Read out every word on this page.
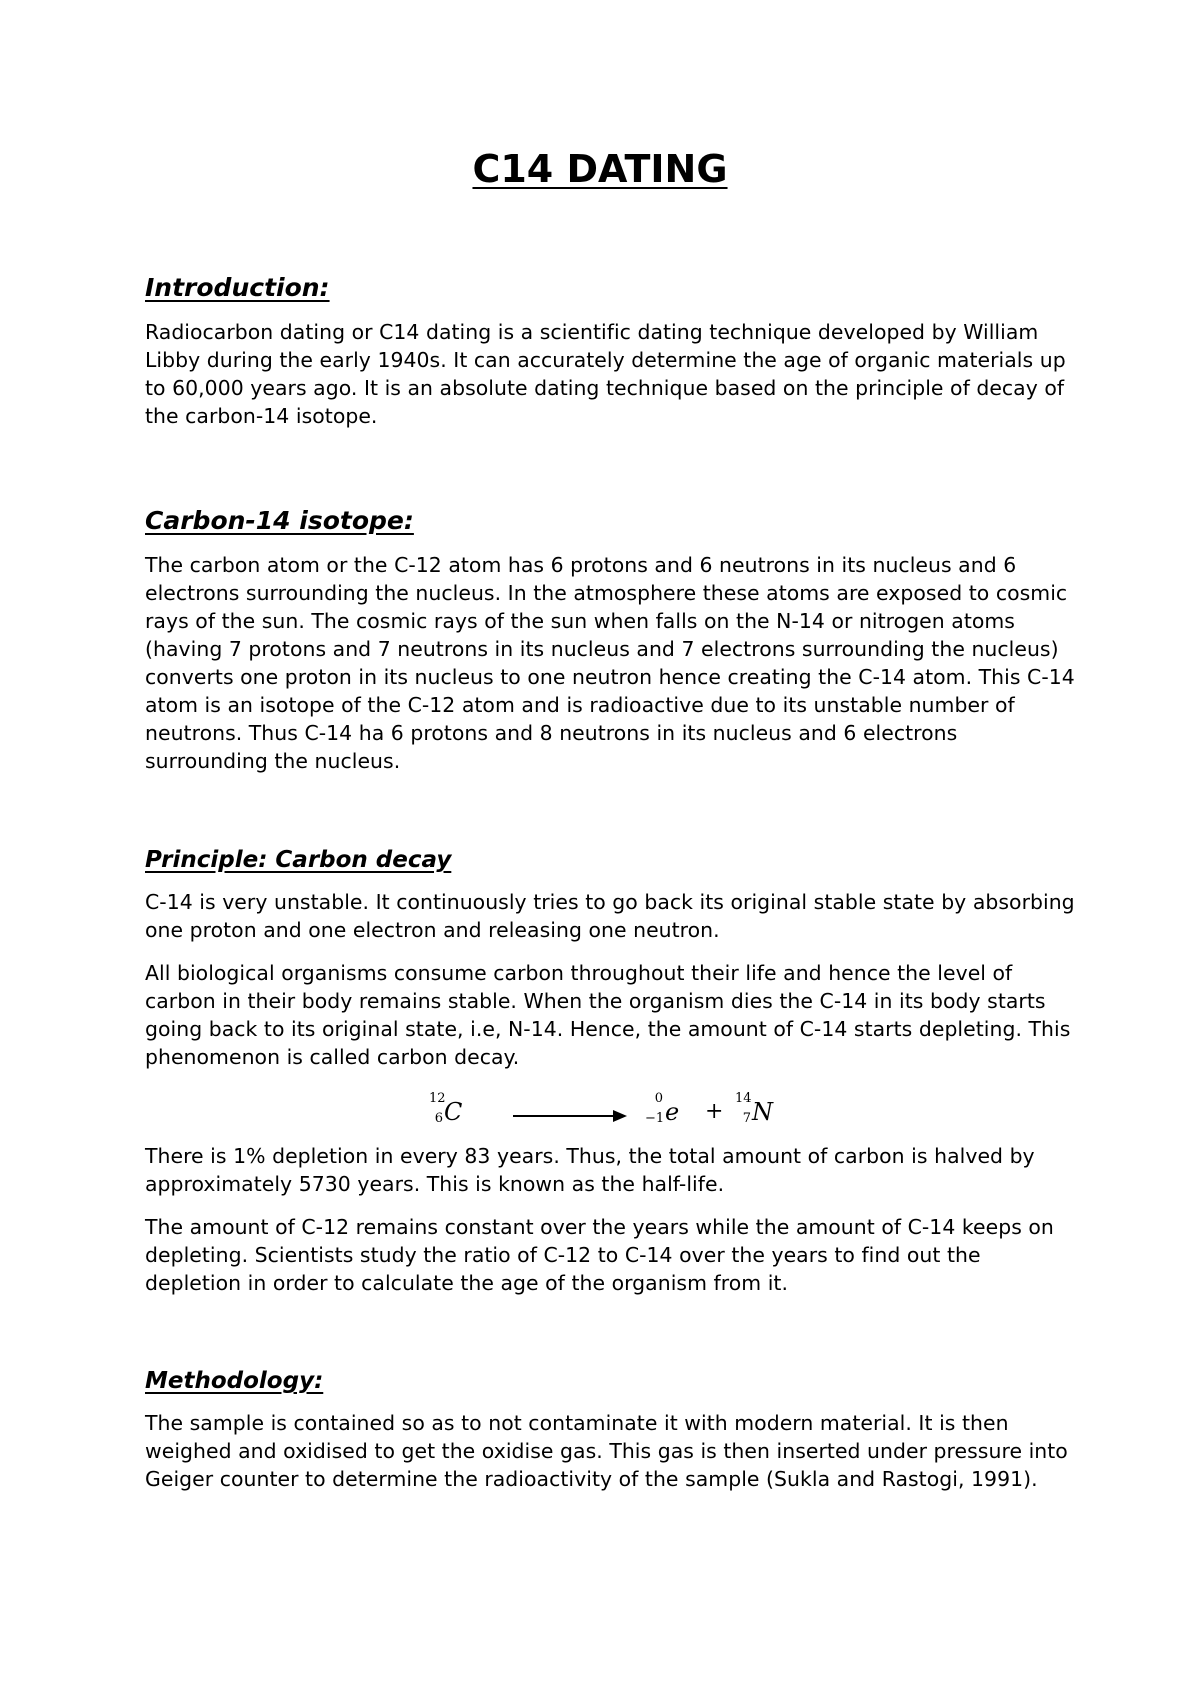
C14 DATING
Introduction:

Radiocarbon dating or C14 dating is a scientific dating technique developed by William Libby during the early 1940s. It can accurately determine the age of organic materials up to 60,000 years ago. It is an absolute dating technique based on the principle of decay of the carbon-14 isotope.

Carbon-14 isotope:

The carbon atom or the C-12 atom has 6 protons and 6 neutrons in its nucleus and 6 electrons surrounding the nucleus. In the atmosphere these atoms are exposed to cosmic rays of the sun. The cosmic rays of the sun when falls on the N-14 or nitrogen atoms (having 7 protons and 7 neutrons in its nucleus and 7 electrons surrounding the nucleus) converts one proton in its nucleus to one neutron hence creating the C-14 atom. This C-14 atom is an isotope of the C-12 atom and is radioactive due to its unstable number of neutrons. Thus C-14 ha 6 protons and 8 neutrons in its nucleus and 6 electrons surrounding the nucleus.

Principle: Carbon decay

C-14 is very unstable. It continuously tries to go back its original stable state by absorbing one proton and one electron and releasing one neutron.

All biological organisms consume carbon throughout their life and hence the level of carbon in their body remains stable. When the organism dies the C-14 in its body starts going back to its original state, i.e, N-14. Hence, the amount of C-14 starts depleting. This phenomenon is called carbon decay.

12
6 C	0
−1 e +
14
7 N

There is 1% depletion in every 83 years. Thus, the total amount of carbon is halved by approximately 5730 years. This is known as the half-life.

The amount of C-12 remains constant over the years while the amount of C-14 keeps on depleting. Scientists study the ratio of C-12 to C-14 over the years to find out the depletion in order to calculate the age of the organism from it.

Methodology:

The sample is contained so as to not contaminate it with modern material. It is then weighed and oxidised to get the oxidise gas. This gas is then inserted under pressure into Geiger counter to determine the radioactivity of the sample (Sukla and Rastogi, 1991).
